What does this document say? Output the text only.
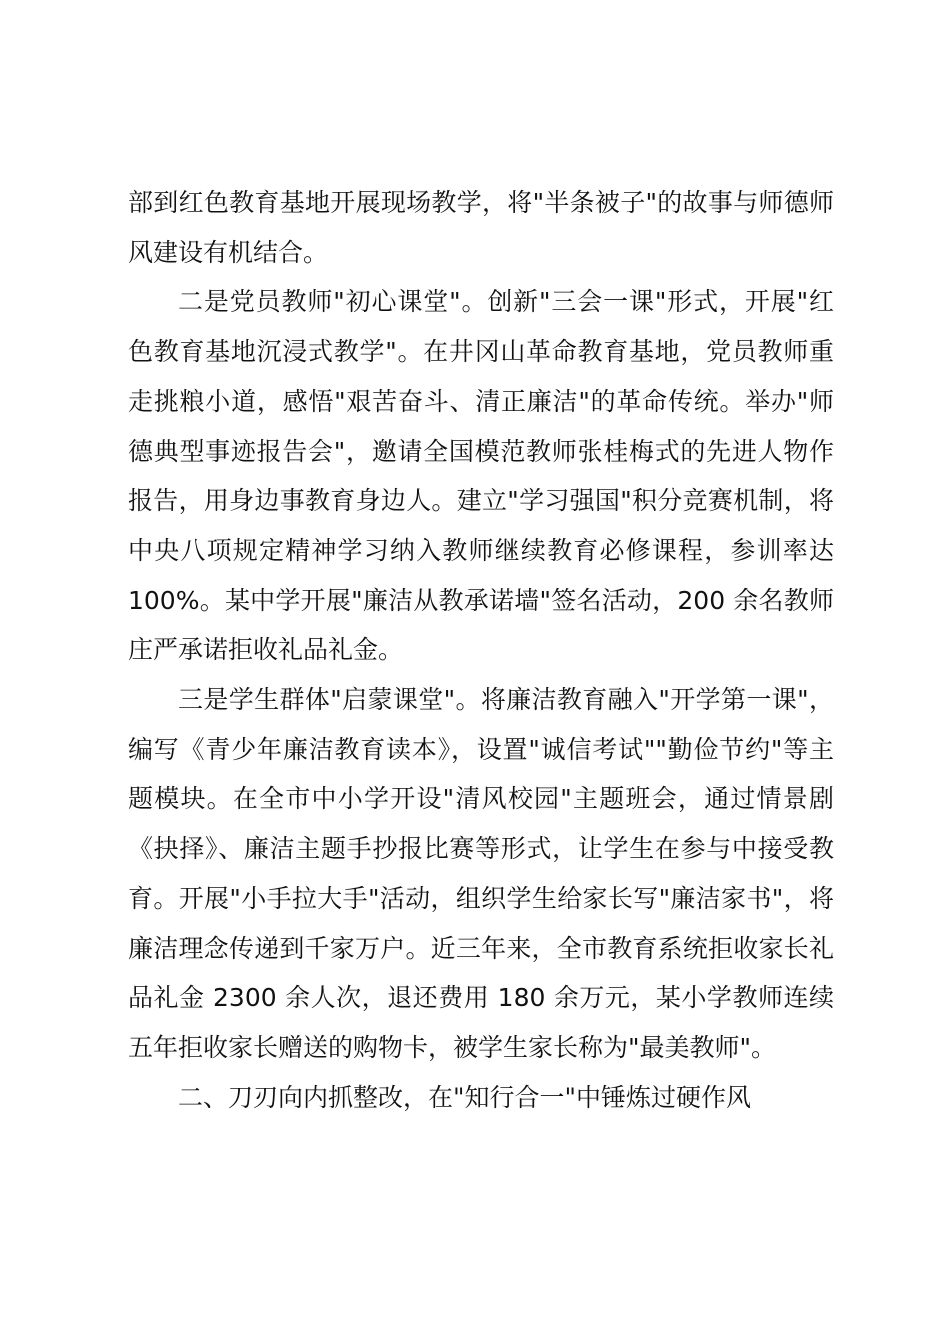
部到红色教育基地开展现场教学，将"半条被子"的故事与师德师风建设有机结合。

二是党员教师"初心课堂"。创新"三会一课"形式，开展"红色教育基地沉浸式教学"。在井冈山革命教育基地，党员教师重走挑粮小道，感悟"艰苦奋斗、清正廉洁"的革命传统。举办"师德典型事迹报告会"，邀请全国模范教师张桂梅式的先进人物作报告，用身边事教育身边人。建立"学习强国"积分竞赛机制，将中央八项规定精神学习纳入教师继续教育必修课程，参训率达 100%。某中学开展"廉洁从教承诺墙"签名活动，200 余名教师庄严承诺拒收礼品礼金。

三是学生群体"启蒙课堂"。将廉洁教育融入"开学第一课"，编写《青少年廉洁教育读本》，设置"诚信考试""勤俭节约"等主题模块。在全市中小学开设"清风校园"主题班会，通过情景剧《抉择》、廉洁主题手抄报比赛等形式，让学生在参与中接受教育。开展"小手拉大手"活动，组织学生给家长写"廉洁家书"，将廉洁理念传递到千家万户。近三年来，全市教育系统拒收家长礼品礼金 2300 余人次，退还费用 180 余万元，某小学教师连续五年拒收家长赠送的购物卡，被学生家长称为"最美教师"。

二、刀刃向内抓整改，在"知行合一"中锤炼过硬作风
